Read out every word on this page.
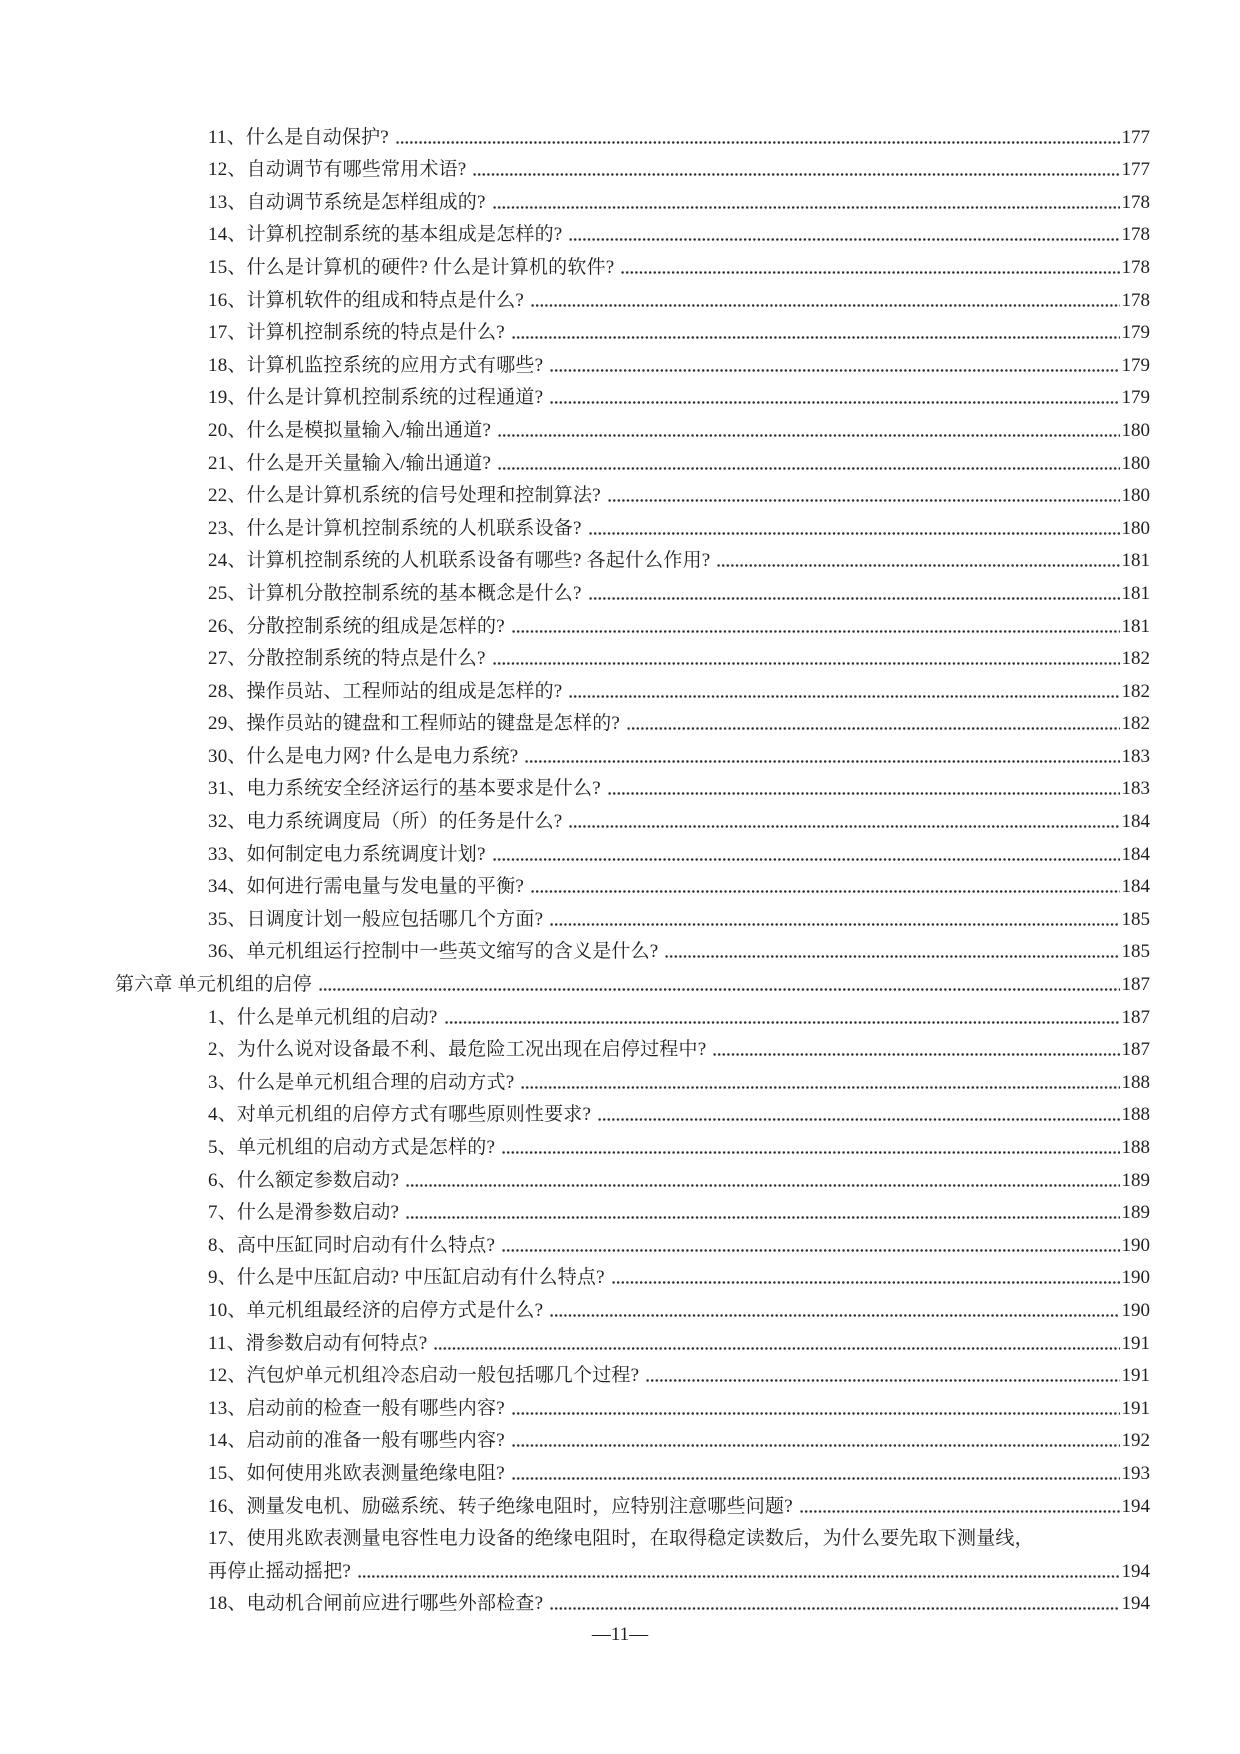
11、什么是自动保护?	177
12、自动调节有哪些常用术语?	177
13、自动调节系统是怎样组成的?	178
14、计算机控制系统的基本组成是怎样的?	178
15、什么是计算机的硬件? 什么是计算机的软件?	178
16、计算机软件的组成和特点是什么?	178
17、计算机控制系统的特点是什么?	179
18、计算机监控系统的应用方式有哪些?	179
19、什么是计算机控制系统的过程通道?	179
20、什么是模拟量输入/输出通道?	180
21、什么是开关量输入/输出通道?	180
22、什么是计算机系统的信号处理和控制算法?	180
23、什么是计算机控制系统的人机联系设备?	180
24、计算机控制系统的人机联系设备有哪些? 各起什么作用?	181
25、计算机分散控制系统的基本概念是什么?	181
26、分散控制系统的组成是怎样的?	181
27、分散控制系统的特点是什么?	182
28、操作员站、工程师站的组成是怎样的?	182
29、操作员站的键盘和工程师站的键盘是怎样的?	182
30、什么是电力网? 什么是电力系统?	183
31、电力系统安全经济运行的基本要求是什么?	183
32、电力系统调度局（所）的任务是什么?	184
33、如何制定电力系统调度计划?	184
34、如何进行需电量与发电量的平衡?	184
35、日调度计划一般应包括哪几个方面?	185
36、单元机组运行控制中一些英文缩写的含义是什么?	185
第六章 单元机组的启停	187
1、什么是单元机组的启动?	187
2、为什么说对设备最不利、最危险工况出现在启停过程中?	187
3、什么是单元机组合理的启动方式?	188
4、对单元机组的启停方式有哪些原则性要求?	188
5、单元机组的启动方式是怎样的?	188
6、什么额定参数启动?	189
7、什么是滑参数启动?	189
8、高中压缸同时启动有什么特点?	190
9、什么是中压缸启动? 中压缸启动有什么特点?	190
10、单元机组最经济的启停方式是什么?	190
11、滑参数启动有何特点?	191
12、汽包炉单元机组冷态启动一般包括哪几个过程?	191
13、启动前的检查一般有哪些内容?	191
14、启动前的准备一般有哪些内容?	192
15、如何使用兆欧表测量绝缘电阻?	193
16、测量发电机、励磁系统、转子绝缘电阻时，应特别注意哪些问题?	194
17、使用兆欧表测量电容性电力设备的绝缘电阻时，在取得稳定读数后，为什么要先取下测量线，
再停止摇动摇把?	194
18、电动机合闸前应进行哪些外部检查?	194
—11—
